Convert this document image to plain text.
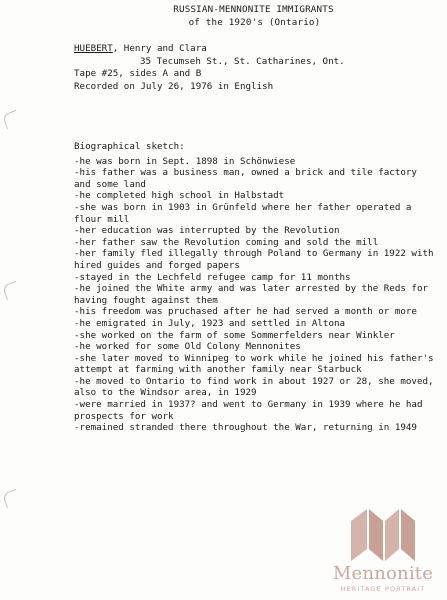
RUSSIAN-MENNONITE IMMIGRANTS
of the 1920's (Ontario)
HUEBERT, Henry and Clara
35 Tecumseh St., St. Catharines, Ont.
Tape #25, sides A and B
Recorded on July 26, 1976 in English
Biographical sketch:
-he was born in Sept. 1898 in Schönwiese
-his father was a business man, owned a brick and tile factory
and some land
-he completed high school in Halbstadt
-she was born in 1903 in Grünfeld where her father operated a
flour mill
-her education was interrupted by the Revolution
-her father saw the Revolution coming and sold the mill
-her family fled illegally through Poland to Germany in 1922 with
hired guides and forged papers
-stayed in the Lechfeld refugee camp for 11 months
-he joined the White army and was later arrested by the Reds for
having fought against them
-his freedom was pruchased after he had served a month or more
-he emigrated in July, 1923 and settled in Altona
-she worked on the farm of some Sommerfelders near Winkler
-he worked for some Old Colony Mennonites
-she later moved to Winnipeg to work while he joined his father's
attempt at farming with another family near Starbuck
-he moved to Ontario to find work in about 1927 or 28, she moved,
also to the Windsor area, in 1929
-were married in 1937? and went to Germany in 1939 where he had
prospects for work
-remained stranded there throughout the War, returning in 1949
Mennonite
HERITAGE PORTRAIT
